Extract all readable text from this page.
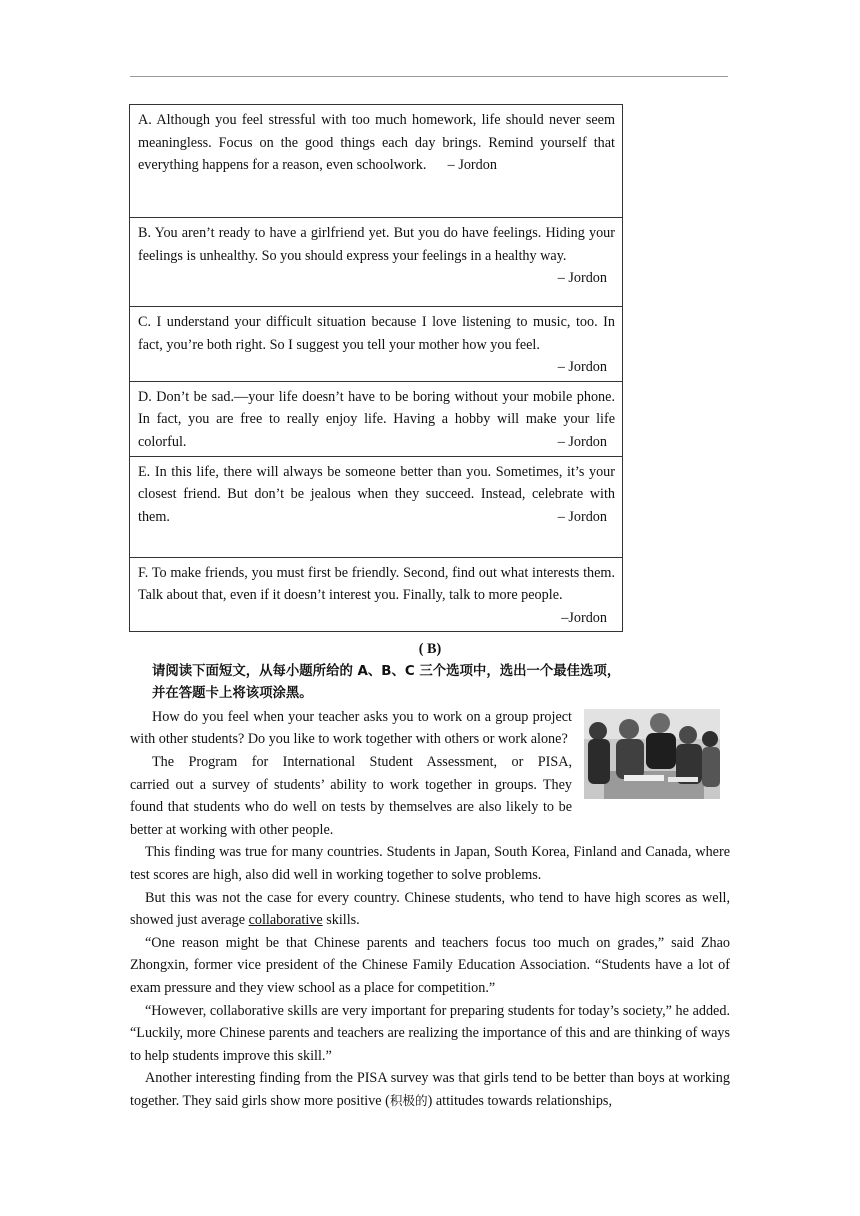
A. Although you feel stressful with too much homework, life should never seem meaningless. Focus on the good things each day brings. Remind yourself that everything happens for a reason, even schoolwork. – Jordon
B. You aren’t ready to have a girlfriend yet. But you do have feelings. Hiding your feelings is unhealthy. So you should express your feelings in a healthy way.
– Jordon

C. I understand your difficult situation because I love listening to music, too. In fact, you’re both right. So I suggest you tell your mother how you feel.
– Jordon

D. Don’t be sad.—your life doesn’t have to be boring without your mobile phone. In fact, you are free to really enjoy life. Having a hobby will make your life colorful.	– Jordon

E. In this life, there will always be someone better than you. Sometimes, it’s your closest friend. But don’t be jealous when they succeed. Instead, celebrate with them.	– Jordon

F. To make friends, you must first be friendly. Second, find out what interests them. Talk about that, even if it doesn’t interest you. Finally, talk to more people.
–Jordon
( B)
请阅读下面短文，从每小题所给的 A、B、C 三个选项中，选出一个最佳选项，并在答题卡上将该项涂黑。

How do you feel when your teacher asks you to work on a group project with other students? Do you like to work together with others or work alone?

The Program for International Student Assessment, or PISA,

carried out a survey of students’ ability to work together in groups. They found that students who do well on tests by themselves are also likely to be better at working with other people.

This finding was true for many countries. Students in Japan, South Korea, Finland and Canada, where test scores are high, also did well in working together to solve problems.

But this was not the case for every country. Chinese students, who tend to have high scores as well, showed just average collaborative skills.

“One reason might be that Chinese parents and teachers focus too much on grades,” said Zhao Zhongxin, former vice president of the Chinese Family Education Association. “Students have a lot of exam pressure and they view school as a place for competition.”

“However, collaborative skills are very important for preparing students for today’s society,” he added. “Luckily, more Chinese parents and teachers are realizing the importance of this and are thinking of ways to help students improve this skill.”

Another interesting finding from the PISA survey was that girls tend to be better than boys at working together. They said girls show more positive (积极的) attitudes towards relationships,
